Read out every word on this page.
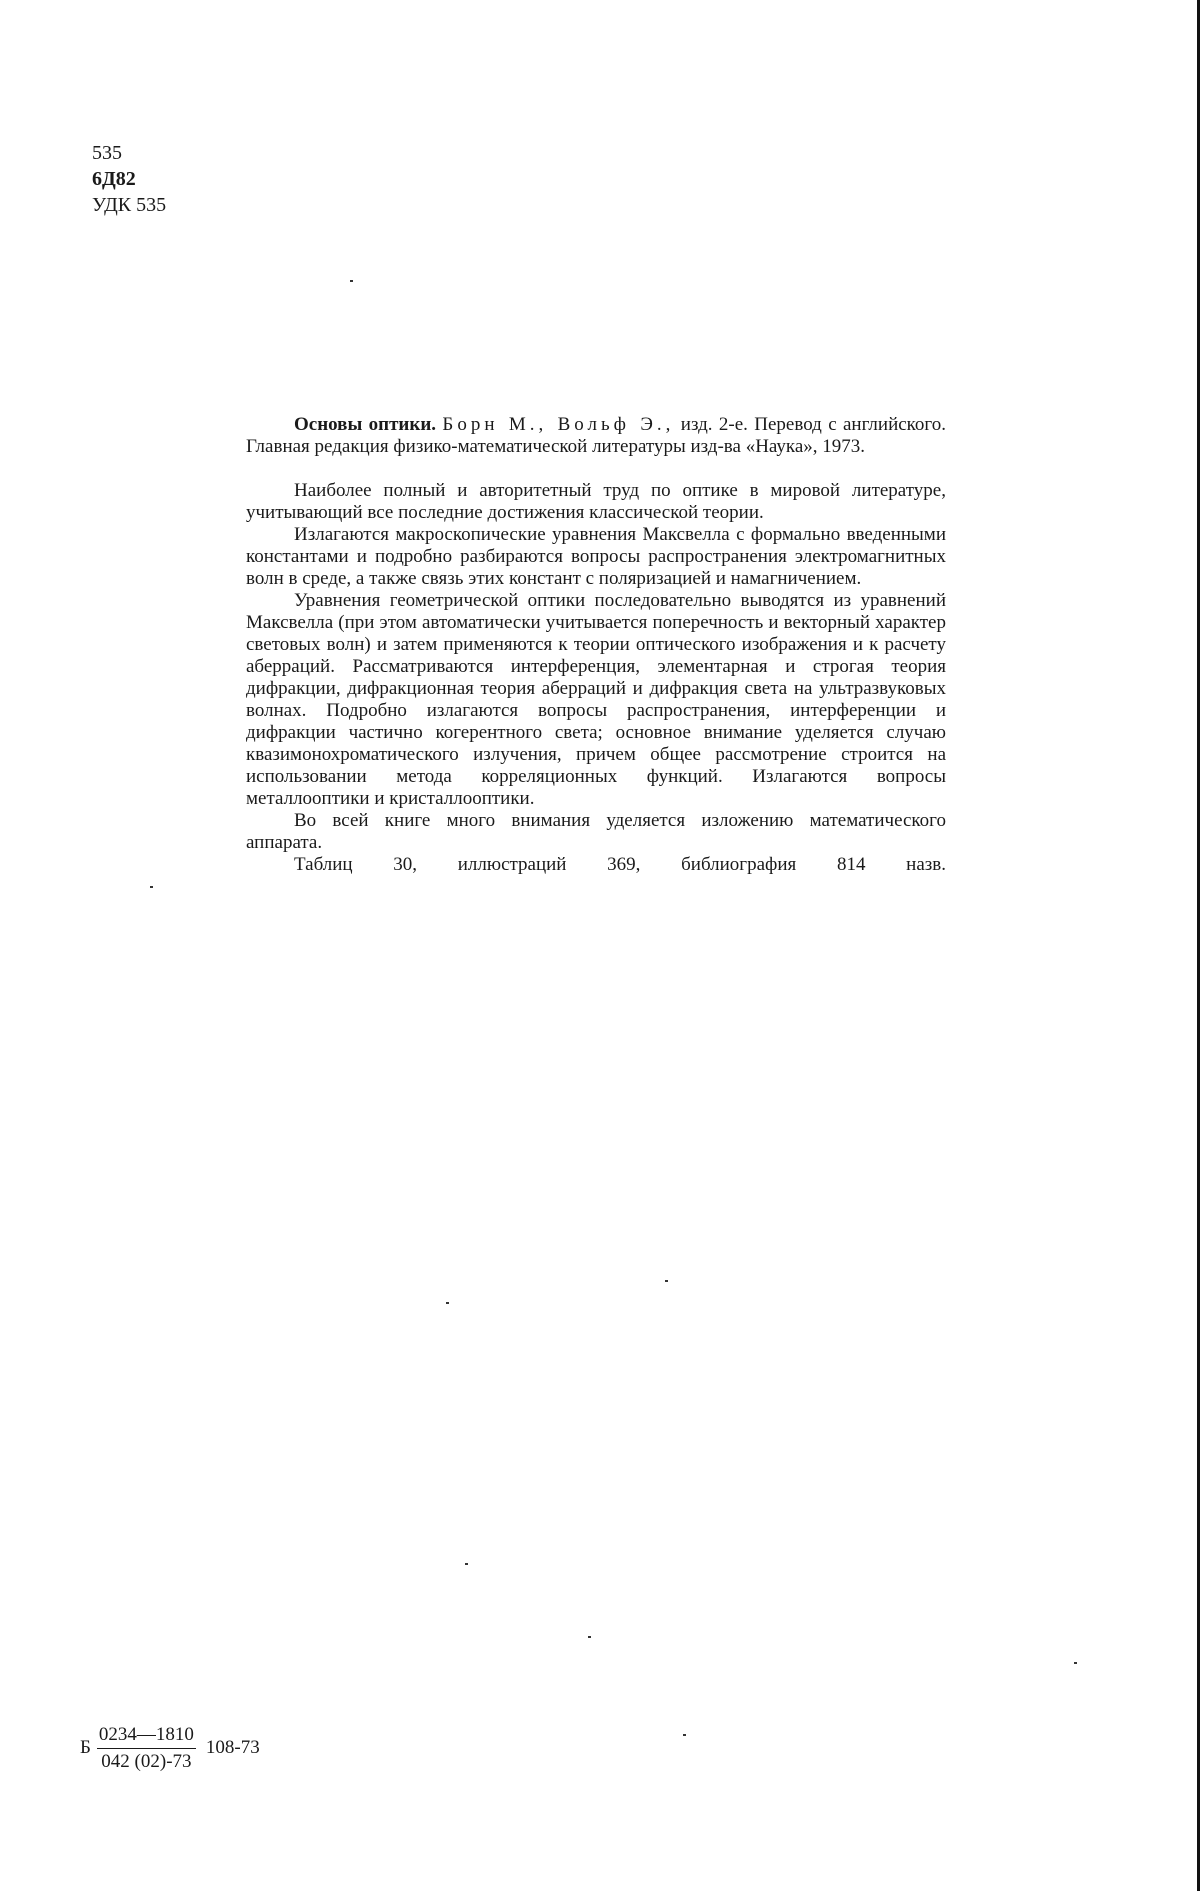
535
6Д82
УДК 535

Основы оптики. Борн М., Вольф Э., изд. 2-е. Перевод с английского. Главная редакция физико-математической литературы изд-ва «Наука», 1973.

Наиболее полный и авторитетный труд по оптике в мировой литературе, учитывающий все последние достижения классической теории.

Излагаются макроскопические уравнения Максвелла с формально введенными константами и подробно разбираются вопросы распространения электромагнитных волн в среде, а также связь этих констант с поляризацией и намагничением.

Уравнения геометрической оптики последовательно выводятся из уравнений Максвелла (при этом автоматически учитывается поперечность и векторный характер световых волн) и затем применяются к теории оптического изображения и к расчету аберраций. Рассматриваются интерференция, элементарная и строгая теория дифракции, дифракционная теория аберраций и дифракция света на ультразвуковых волнах. Подробно излагаются вопросы распространения, интерференции и дифракции частично когерентного света; основное внимание уделяется случаю квазимонохроматического излучения, причем общее рассмотрение строится на использовании метода корреляционных функций. Излагаются вопросы металлооптики и кристаллооптики.

Во всей книге много внимания уделяется изложению математического аппарата.

Таблиц 30, иллюстраций 369, библиография 814 назв.

Б $\frac{0234—1810}{042 (02)-73} 108-73$
